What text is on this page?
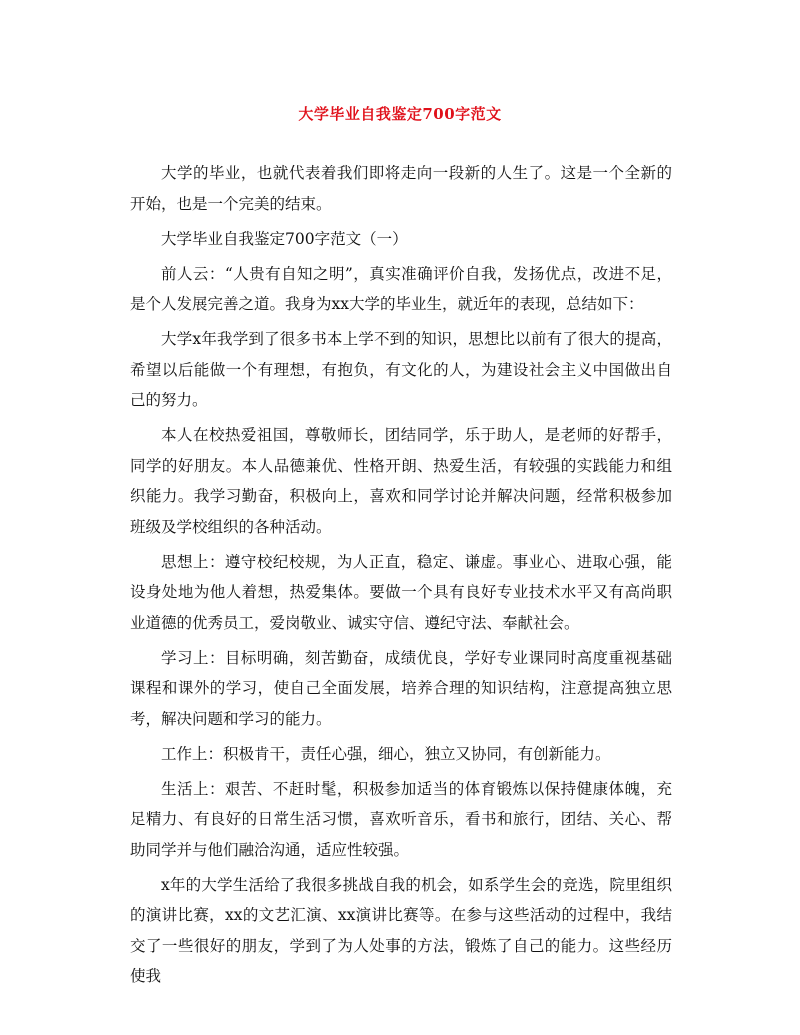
大学毕业自我鉴定700字范文

大学的毕业，也就代表着我们即将走向一段新的人生了。这是一个全新的开始，也是一个完美的结束。

大学毕业自我鉴定700字范文（一）

前人云：“人贵有自知之明”，真实准确评价自我，发扬优点，改进不足，是个人发展完善之道。我身为xx大学的毕业生，就近年的表现，总结如下：

大学x年我学到了很多书本上学不到的知识，思想比以前有了很大的提高，希望以后能做一个有理想，有抱负，有文化的人，为建设社会主义中国做出自己的努力。

本人在校热爱祖国，尊敬师长，团结同学，乐于助人，是老师的好帮手，同学的好朋友。本人品德兼优、性格开朗、热爱生活，有较强的实践能力和组织能力。我学习勤奋，积极向上，喜欢和同学讨论并解决问题，经常积极参加班级及学校组织的各种活动。

思想上：遵守校纪校规，为人正直，稳定、谦虚。事业心、进取心强，能设身处地为他人着想，热爱集体。要做一个具有良好专业技术水平又有高尚职业道德的优秀员工，爱岗敬业、诚实守信、遵纪守法、奉献社会。

学习上：目标明确，刻苦勤奋，成绩优良，学好专业课同时高度重视基础课程和课外的学习，使自己全面发展，培养合理的知识结构，注意提高独立思考，解决问题和学习的能力。

工作上：积极肯干，责任心强，细心，独立又协同，有创新能力。

生活上：艰苦、不赶时髦，积极参加适当的体育锻炼以保持健康体魄，充足精力、有良好的日常生活习惯，喜欢听音乐，看书和旅行，团结、关心、帮助同学并与他们融洽沟通，适应性较强。

x年的大学生活给了我很多挑战自我的机会，如系学生会的竞选，院里组织的演讲比赛，xx的文艺汇演、xx演讲比赛等。在参与这些活动的过程中，我结交了一些很好的朋友，学到了为人处事的方法，锻炼了自己的能力。这些经历使我
